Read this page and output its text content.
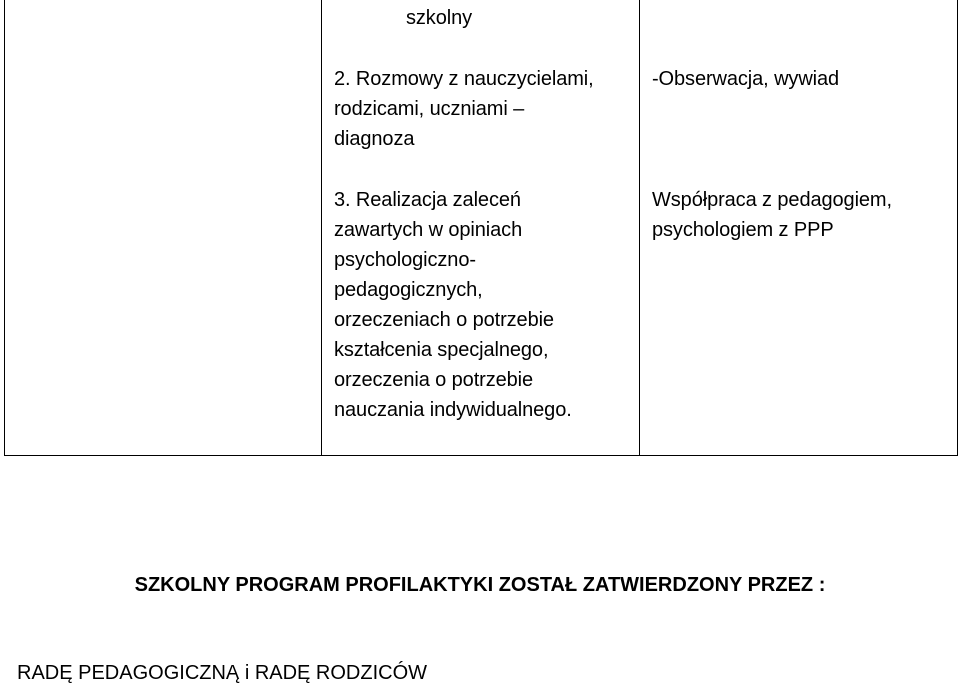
szkolny
2. Rozmowy z nauczycielami,
rodzicami, uczniami –
diagnoza
3. Realizacja zaleceń
zawartych w opiniach
psychologiczno-
pedagogicznych,
orzeczeniach o potrzebie
kształcenia specjalnego,
orzeczenia o potrzebie
nauczania indywidualnego.
-Obserwacja, wywiad
Współpraca z pedagogiem,
psychologiem z PPP
SZKOLNY PROGRAM PROFILAKTYKI ZOSTAŁ ZATWIERDZONY PRZEZ :
RADĘ PEDAGOGICZNĄ i RADĘ RODZICÓW
